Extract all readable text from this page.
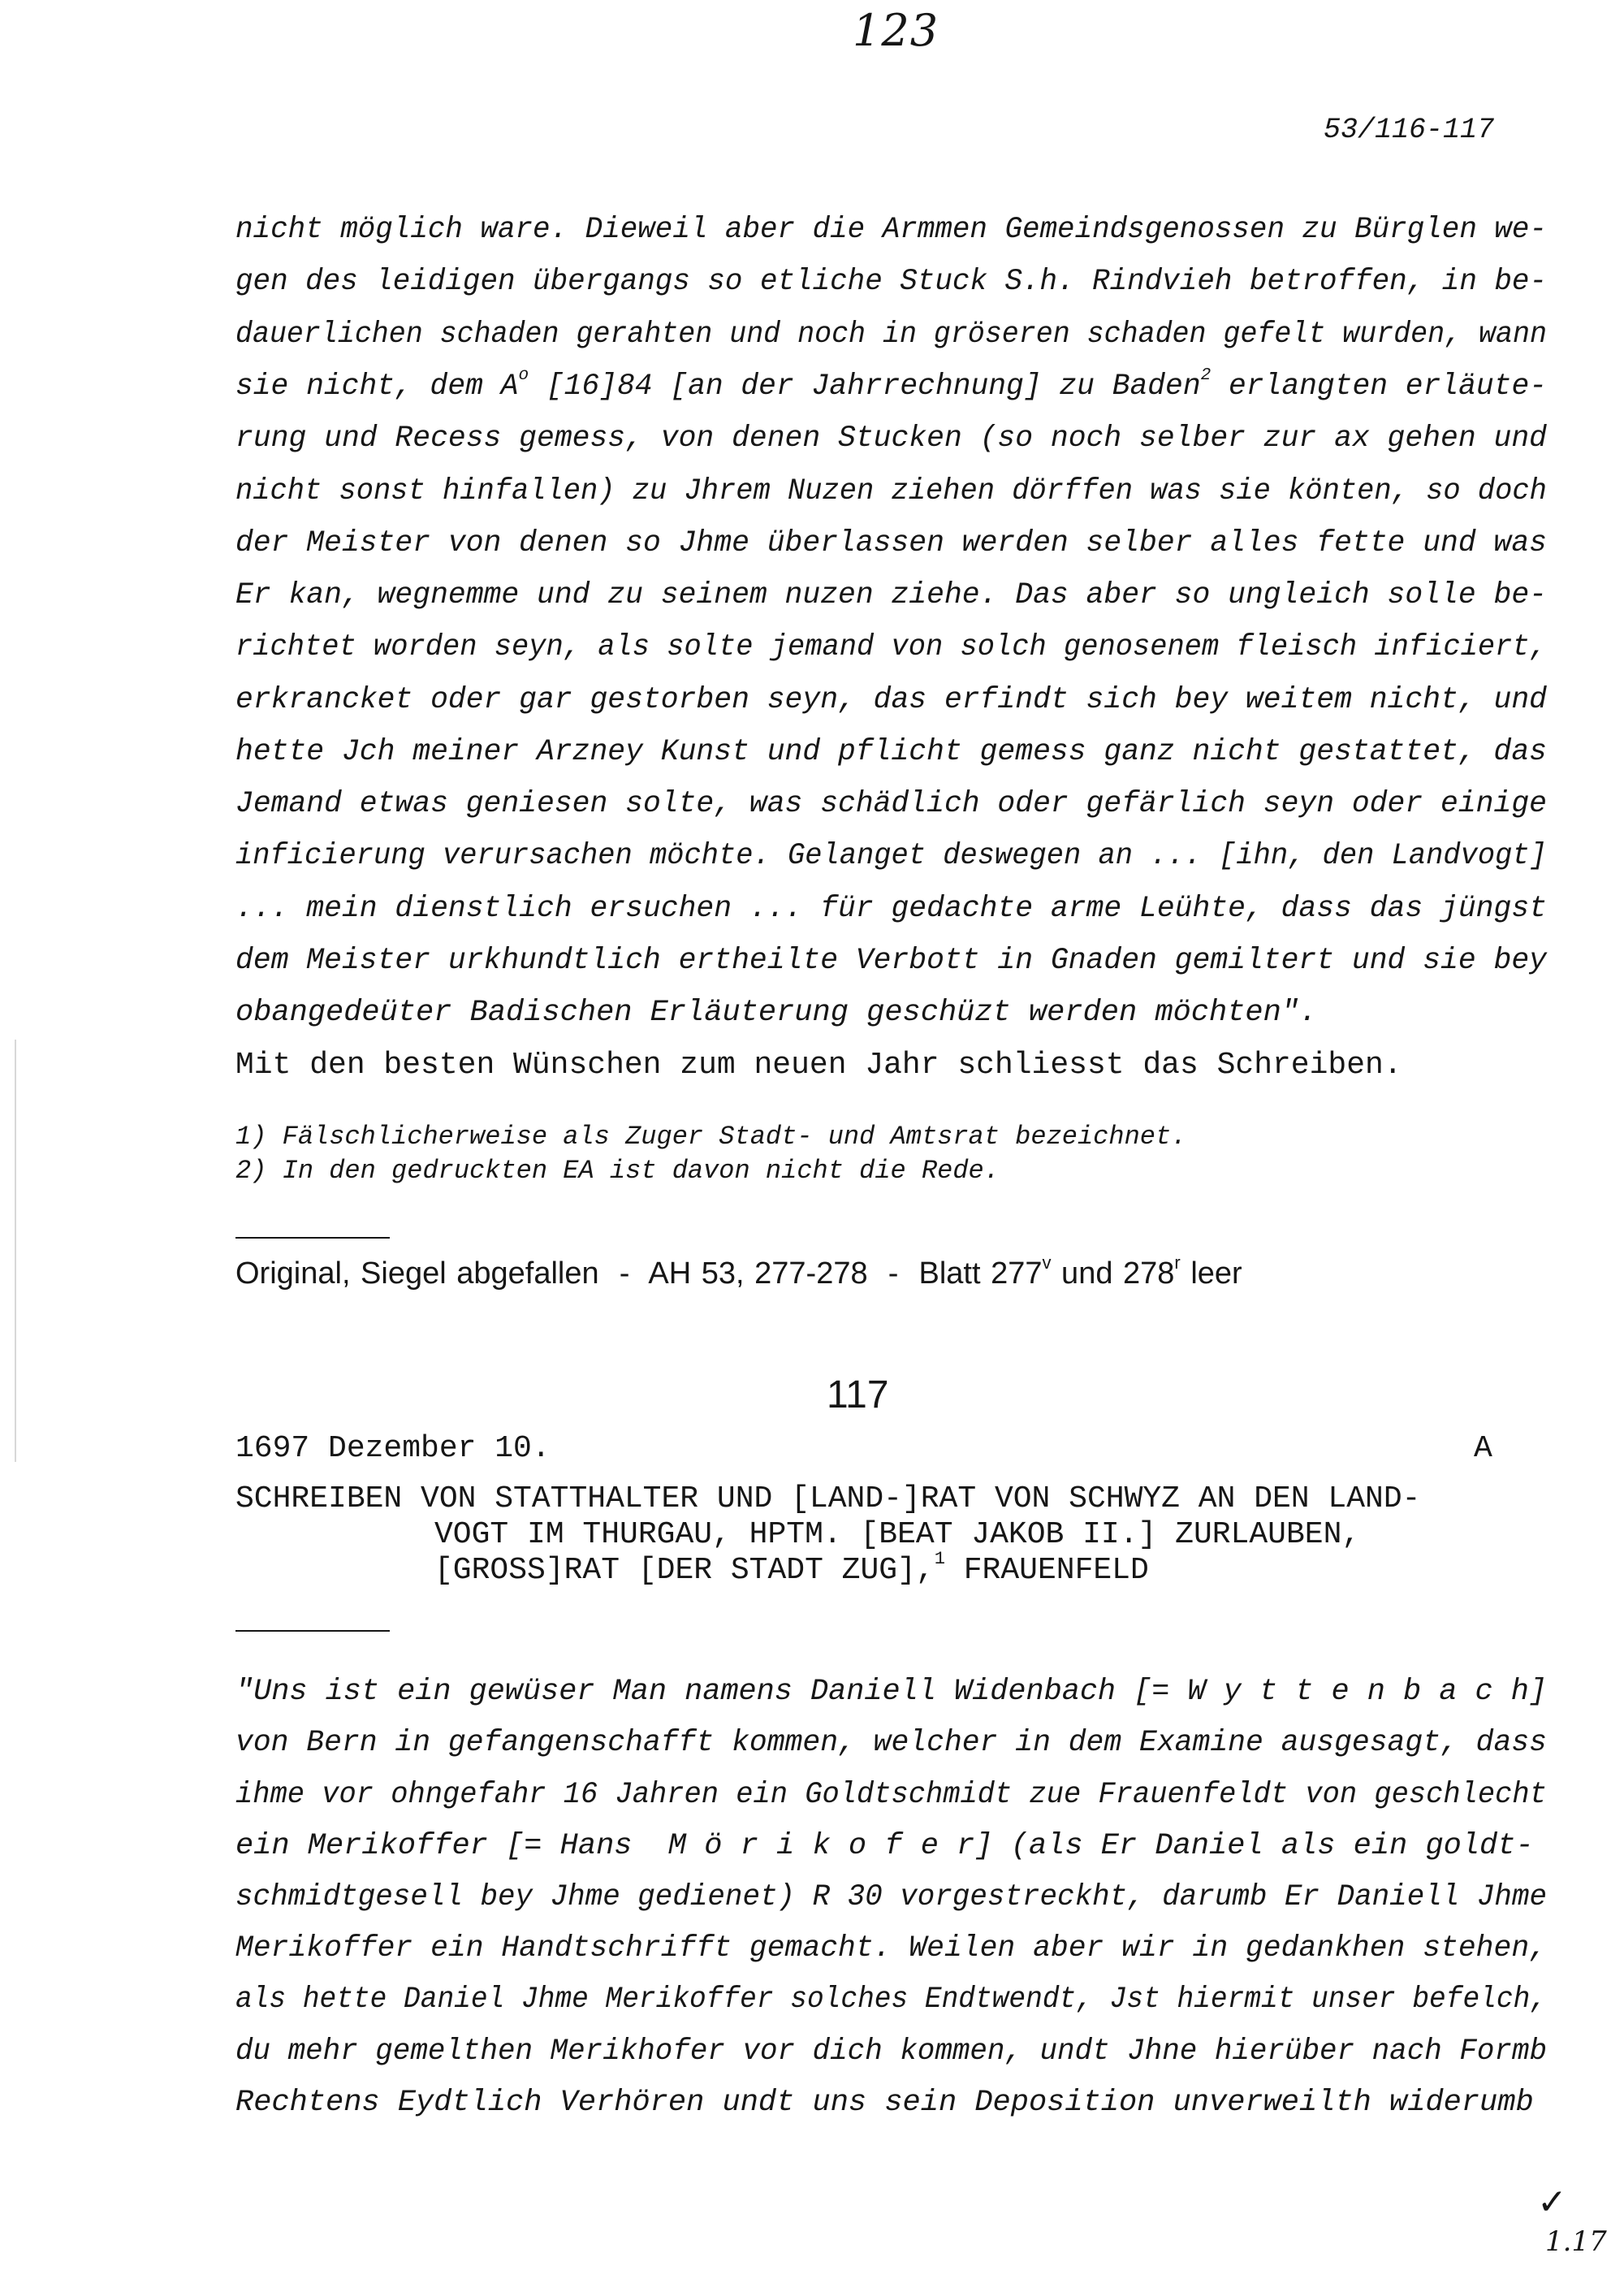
123
53/116-117
nicht möglich ware. Dieweil aber die Armmen Gemeindsgenossen zu Bürglen we-
gen des leidigen übergangs so etliche Stuck S.h. Rindvieh betroffen, in be-
dauerlichen schaden gerahten und noch in gröseren schaden gefelt wurden, wann
sie nicht, dem $A^o$ [16]84 [an der Jahrrechnung] zu Baden$^2$ erlangten erläute-
rung und Recess gemess, von denen Stucken (so noch selber zur ax gehen und
nicht sonst hinfallen) zu Jhrem Nuzen ziehen dörffen was sie könten, so doch
der Meister von denen so Jhme überlassen werden selber alles fette und was
Er kan, wegnemme und zu seinem nuzen ziehe. Das aber so ungleich solle be-
richtet worden seyn, als solte jemand von solch genosenem fleisch inficiert,
erkrancket oder gar gestorben seyn, das erfindt sich bey weitem nicht, und
hette Jch meiner Arzney Kunst und pflicht gemess ganz nicht gestattet, das
Jemand etwas geniesen solte, was schädlich oder gefärlich seyn oder einige
inficierung verursachen möchte. Gelanget deswegen an ... [ihn, den Landvogt]
... mein dienstlich ersuchen ... für gedachte arme Leühte, dass das jüngst
dem Meister urkhundtlich ertheilte Verbott in Gnaden gemiltert und sie bey
obangedeüter Badischen Erläuterung geschüzt werden möchten".
Mit den besten Wünschen zum neuen Jahr schliesst das Schreiben.
1) Fälschlicherweise als Zuger Stadt- und Amtsrat bezeichnet.
2) In den gedruckten EA ist davon nicht die Rede.
Original, Siegel abgefallen  -  AH 53, 277-278  -  Blatt 277$^v$ und 278$^r$ leer
117
1697 Dezember 10.	A
SCHREIBEN VON STATTHALTER UND [LAND-]RAT VON SCHWYZ AN DEN LAND-
VOGT IM THURGAU, HPTM. [BEAT JAKOB II.] ZURLAUBEN,
[GROSS]RAT [DER STADT ZUG],$^1$ FRAUENFELD
"Uns ist ein gewüser Man namens Daniell Widenbach [= W y t t e n b a c h]
von Bern in gefangenschafft kommen, welcher in dem Examine ausgesagt, dass
ihme vor ohngefahr 16 Jahren ein Goldtschmidt zue Frauenfeldt von geschlecht
ein Merikoffer [= Hans  M ö r i k o f e r] (als Er Daniel als ein goldt-
schmidtgesell bey Jhme gedienet) R 30 vorgestreckht, darumb Er Daniell Jhme
Merikoffer ein Handtschrifft gemacht. Weilen aber wir in gedankhen stehen,
als hette Daniel Jhme Merikoffer solches Endtwendt, Jst hiermit unser befelch,
du mehr gemelthen Merikhofer vor dich kommen, undt Jhne hierüber nach Formb
Rechtens Eydtlich Verhören undt uns sein Deposition unverweilth widerumb
✓
1.17
